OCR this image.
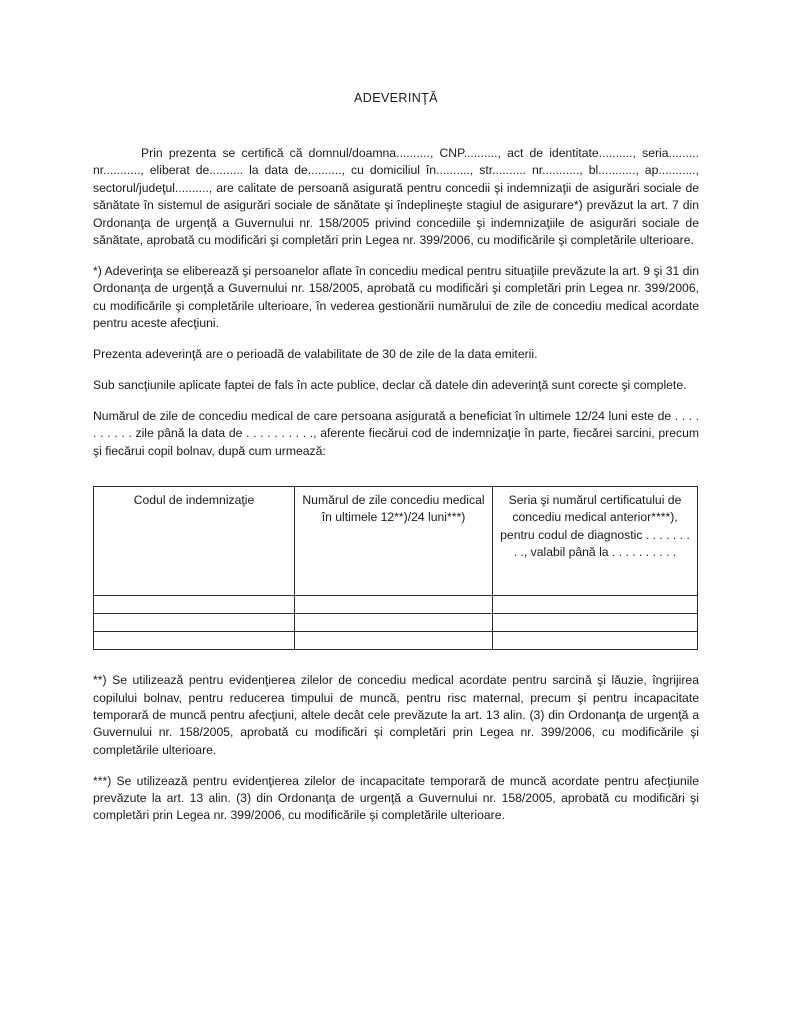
ADEVERINŢĂ

Prin prezenta se certifică că domnul/doamna.........., CNP.........., act de identitate.........., seria......... nr..........., eliberat de.......... la data de.........., cu domiciliul în.........., str.......... nr..........., bl..........., ap..........., sectorul/judeţul.........., are calitate de persoană asigurată pentru concedii şi indemnizaţii de asigurări sociale de sănătate în sistemul de asigurări sociale de sănătate şi îndeplineşte stagiul de asigurare*) prevăzut la art. 7 din Ordonanţa de urgenţă a Guvernului nr. 158/2005 privind concediile şi indemnizaţiile de asigurări sociale de sănătate, aprobată cu modificări şi completări prin Legea nr. 399/2006, cu modificările şi completările ulterioare.

*) Adeverinţa se eliberează şi persoanelor aflate în concediu medical pentru situaţiile prevăzute la art. 9 şi 31 din Ordonanţa de urgenţă a Guvernului nr. 158/2005, aprobată cu modificări şi completări prin Legea nr. 399/2006, cu modificările şi completările ulterioare, în vederea gestionării numărului de zile de concediu medical acordate pentru aceste afecţiuni.

Prezenta adeverinţă are o perioadă de valabilitate de 30 de zile de la data emiterii.

Sub sancţiunile aplicate faptei de fals în acte publice, declar că datele din adeverinţă sunt corecte şi complete.

Numărul de zile de concediu medical de care persoana asigurată a beneficiat în ultimele 12/24 luni este de . . . . . . . . . . zile până la data de . . . . . . . . . ., aferente fiecărui cod de indemnizaţie în parte, fiecărei sarcini, precum şi fiecărui copil bolnav, după cum urmează:

Codul de indemnizaţie	Numărul de zile concediu medical în ultimele 12**)/24 luni***)	Seria şi numărul certificatului de concediu medical anterior****), pentru codul de diagnostic . . . . . . . . ., valabil până la . . . . . . . . . .

**) Se utilizează pentru evidenţierea zilelor de concediu medical acordate pentru sarcină şi lăuzie, îngrijirea copilului bolnav, pentru reducerea timpului de muncă, pentru risc maternal, precum şi pentru incapacitate temporară de muncă pentru afecţiuni, altele decât cele prevăzute la art. 13 alin. (3) din Ordonanţa de urgenţă a Guvernului nr. 158/2005, aprobată cu modificări şi completări prin Legea nr. 399/2006, cu modificările şi completările ulterioare.

***) Se utilizează pentru evidenţierea zilelor de incapacitate temporară de muncă acordate pentru afecţiunile prevăzute la art. 13 alin. (3) din Ordonanţa de urgenţă a Guvernului nr. 158/2005, aprobată cu modificări şi completări prin Legea nr. 399/2006, cu modificările şi completările ulterioare.
